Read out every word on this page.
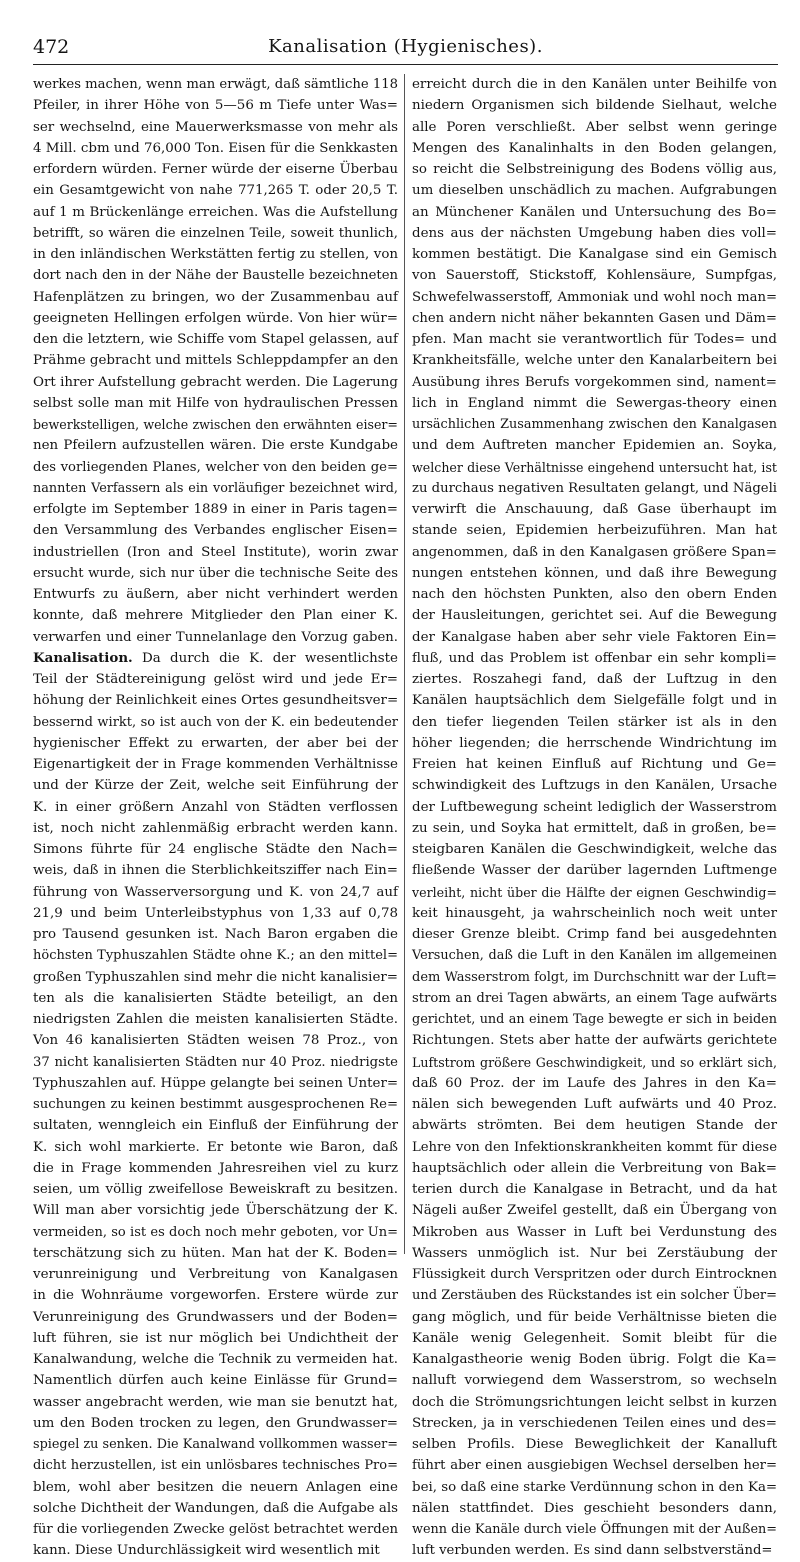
472	Kanalisation (Hygienisches).
werkes machen, wenn man erwägt, daß sämtliche 118
Pfeiler, in ihrer Höhe von 5—56 m Tiefe unter Was=
ser wechselnd, eine Mauerwerksmasse von mehr als
4 Mill. cbm und 76,000 Ton. Eisen für die Senkkasten
erfordern würden. Ferner würde der eiserne Überbau
ein Gesamtgewicht von nahe 771,265 T. oder 20,5 T.
auf 1 m Brückenlänge erreichen. Was die Aufstellung
betrifft, so wären die einzelnen Teile, soweit thunlich,
in den inländischen Werkstätten fertig zu stellen, von
dort nach den in der Nähe der Baustelle bezeichneten
Hafenplätzen zu bringen, wo der Zusammenbau auf
geeigneten Hellingen erfolgen würde. Von hier wür=
den die letztern, wie Schiffe vom Stapel gelassen, auf
Prähme gebracht und mittels Schleppdampfer an den
Ort ihrer Aufstellung gebracht werden. Die Lagerung
selbst solle man mit Hilfe von hydraulischen Pressen
bewerkstelligen, welche zwischen den erwähnten eiser=
nen Pfeilern aufzustellen wären. Die erste Kundgabe
des vorliegenden Planes, welcher von den beiden ge=
nannten Verfassern als ein vorläufiger bezeichnet wird,
erfolgte im September 1889 in einer in Paris tagen=
den Versammlung des Verbandes englischer Eisen=
industriellen (Iron and Steel Institute), worin zwar
ersucht wurde, sich nur über die technische Seite des
Entwurfs zu äußern, aber nicht verhindert werden
konnte, daß mehrere Mitglieder den Plan einer K.
verwarfen und einer Tunnelanlage den Vorzug gaben.
Kanalisation. Da durch die K. der wesentlichste
Teil der Städtereinigung gelöst wird und jede Er=
höhung der Reinlichkeit eines Ortes gesundheitsver=
bessernd wirkt, so ist auch von der K. ein bedeutender
hygienischer Effekt zu erwarten, der aber bei der
Eigenartigkeit der in Frage kommenden Verhältnisse
und der Kürze der Zeit, welche seit Einführung der
K. in einer größern Anzahl von Städten verflossen
ist, noch nicht zahlenmäßig erbracht werden kann.
Simons führte für 24 englische Städte den Nach=
weis, daß in ihnen die Sterblichkeitsziffer nach Ein=
führung von Wasserversorgung und K. von 24,7 auf
21,9 und beim Unterleibstyphus von 1,33 auf 0,78
pro Tausend gesunken ist. Nach Baron ergaben die
höchsten Typhuszahlen Städte ohne K.; an den mittel=
großen Typhuszahlen sind mehr die nicht kanalisier=
ten als die kanalisierten Städte beteiligt, an den
niedrigsten Zahlen die meisten kanalisierten Städte.
Von 46 kanalisierten Städten weisen 78 Proz., von
37 nicht kanalisierten Städten nur 40 Proz. niedrigste
Typhuszahlen auf. Hüppe gelangte bei seinen Unter=
suchungen zu keinen bestimmt ausgesprochenen Re=
sultaten, wenngleich ein Einfluß der Einführung der
K. sich wohl markierte. Er betonte wie Baron, daß
die in Frage kommenden Jahresreihen viel zu kurz
seien, um völlig zweifellose Beweiskraft zu besitzen.
Will man aber vorsichtig jede Überschätzung der K.
vermeiden, so ist es doch noch mehr geboten, vor Un=
terschätzung sich zu hüten. Man hat der K. Boden=
verunreinigung und Verbreitung von Kanalgasen
in die Wohnräume vorgeworfen. Erstere würde zur
Verunreinigung des Grundwassers und der Boden=
luft führen, sie ist nur möglich bei Undichtheit der
Kanalwandung, welche die Technik zu vermeiden hat.
Namentlich dürfen auch keine Einlässe für Grund=
wasser angebracht werden, wie man sie benutzt hat,
um den Boden trocken zu legen, den Grundwasser=
spiegel zu senken. Die Kanalwand vollkommen wasser=
dicht herzustellen, ist ein unlösbares technisches Pro=
blem, wohl aber besitzen die neuern Anlagen eine
solche Dichtheit der Wandungen, daß die Aufgabe als
für die vorliegenden Zwecke gelöst betrachtet werden
kann. Diese Undurchlässigkeit wird wesentlich mit
erreicht durch die in den Kanälen unter Beihilfe von
niedern Organismen sich bildende Sielhaut, welche
alle Poren verschließt. Aber selbst wenn geringe
Mengen des Kanalinhalts in den Boden gelangen,
so reicht die Selbstreinigung des Bodens völlig aus,
um dieselben unschädlich zu machen. Aufgrabungen
an Münchener Kanälen und Untersuchung des Bo=
dens aus der nächsten Umgebung haben dies voll=
kommen bestätigt. Die Kanalgase sind ein Gemisch
von Sauerstoff, Stickstoff, Kohlensäure, Sumpfgas,
Schwefelwasserstoff, Ammoniak und wohl noch man=
chen andern nicht näher bekannten Gasen und Däm=
pfen. Man macht sie verantwortlich für Todes= und
Krankheitsfälle, welche unter den Kanalarbeitern bei
Ausübung ihres Berufs vorgekommen sind, nament=
lich in England nimmt die Sewergas-theory einen
ursächlichen Zusammenhang zwischen den Kanalgasen
und dem Auftreten mancher Epidemien an. Soyka,
welcher diese Verhältnisse eingehend untersucht hat, ist
zu durchaus negativen Resultaten gelangt, und Nägeli
verwirft die Anschauung, daß Gase überhaupt im
stande seien, Epidemien herbeizuführen. Man hat
angenommen, daß in den Kanalgasen größere Span=
nungen entstehen können, und daß ihre Bewegung
nach den höchsten Punkten, also den obern Enden
der Hausleitungen, gerichtet sei. Auf die Bewegung
der Kanalgase haben aber sehr viele Faktoren Ein=
fluß, und das Problem ist offenbar ein sehr kompli=
ziertes. Roszahegi fand, daß der Luftzug in den
Kanälen hauptsächlich dem Sielgefälle folgt und in
den tiefer liegenden Teilen stärker ist als in den
höher liegenden; die herrschende Windrichtung im
Freien hat keinen Einfluß auf Richtung und Ge=
schwindigkeit des Luftzugs in den Kanälen, Ursache
der Luftbewegung scheint lediglich der Wasserstrom
zu sein, und Soyka hat ermittelt, daß in großen, be=
steigbaren Kanälen die Geschwindigkeit, welche das
fließende Wasser der darüber lagernden Luftmenge
verleiht, nicht über die Hälfte der eignen Geschwindig=
keit hinausgeht, ja wahrscheinlich noch weit unter
dieser Grenze bleibt. Crimp fand bei ausgedehnten
Versuchen, daß die Luft in den Kanälen im allgemeinen
dem Wasserstrom folgt, im Durchschnitt war der Luft=
strom an drei Tagen abwärts, an einem Tage aufwärts
gerichtet, und an einem Tage bewegte er sich in beiden
Richtungen. Stets aber hatte der aufwärts gerichtete
Luftstrom größere Geschwindigkeit, und so erklärt sich,
daß 60 Proz. der im Laufe des Jahres in den Ka=
nälen sich bewegenden Luft aufwärts und 40 Proz.
abwärts strömten. Bei dem heutigen Stande der
Lehre von den Infektionskrankheiten kommt für diese
hauptsächlich oder allein die Verbreitung von Bak=
terien durch die Kanalgase in Betracht, und da hat
Nägeli außer Zweifel gestellt, daß ein Übergang von
Mikroben aus Wasser in Luft bei Verdunstung des
Wassers unmöglich ist. Nur bei Zerstäubung der
Flüssigkeit durch Verspritzen oder durch Eintrocknen
und Zerstäuben des Rückstandes ist ein solcher Über=
gang möglich, und für beide Verhältnisse bieten die
Kanäle wenig Gelegenheit. Somit bleibt für die
Kanalgastheorie wenig Boden übrig. Folgt die Ka=
nalluft vorwiegend dem Wasserstrom, so wechseln
doch die Strömungsrichtungen leicht selbst in kurzen
Strecken, ja in verschiedenen Teilen eines und des=
selben Profils. Diese Beweglichkeit der Kanalluft
führt aber einen ausgiebigen Wechsel derselben her=
bei, so daß eine starke Verdünnung schon in den Ka=
nälen stattfindet. Dies geschieht besonders dann,
wenn die Kanäle durch viele Öffnungen mit der Außen=
luft verbunden werden. Es sind dann selbstverständ=
